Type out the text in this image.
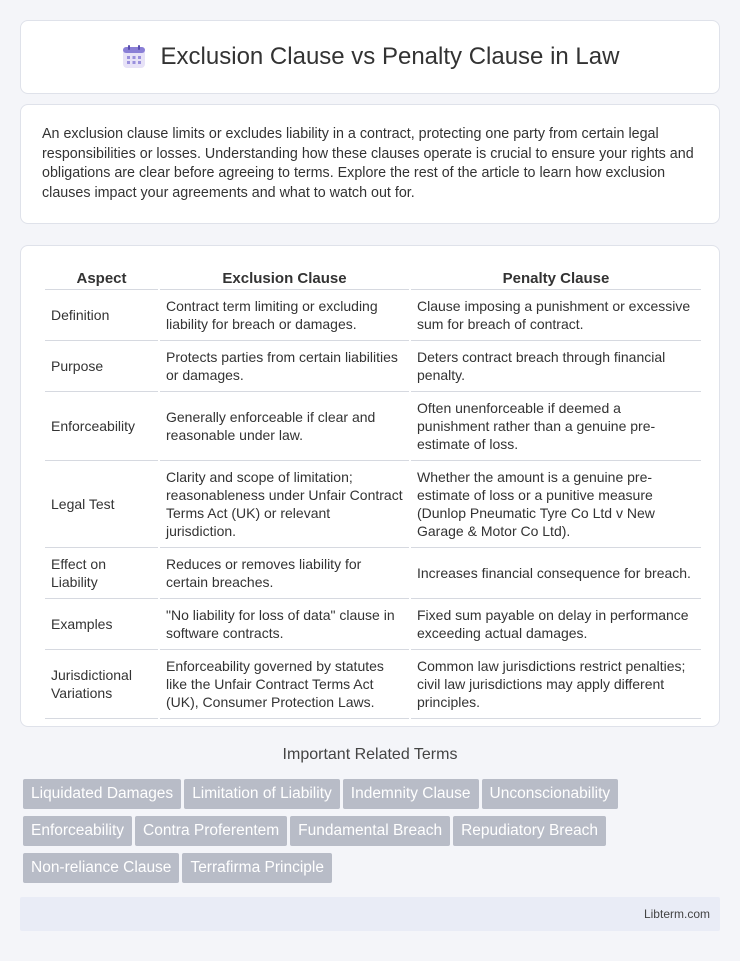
Exclusion Clause vs Penalty Clause in Law

An exclusion clause limits or excludes liability in a contract, protecting one party from certain legal responsibilities or losses. Understanding how these clauses operate is crucial to ensure your rights and obligations are clear before agreeing to terms. Explore the rest of the article to learn how exclusion clauses impact your agreements and what to watch out for.

Aspect	Exclusion Clause	Penalty Clause
Definition	Contract term limiting or excluding liability for breach or damages.	Clause imposing a punishment or excessive sum for breach of contract.
Purpose	Protects parties from certain liabilities or damages.	Deters contract breach through financial penalty.
Enforceability	Generally enforceable if clear and reasonable under law.	Often unenforceable if deemed a punishment rather than a genuine pre-estimate of loss.
Legal Test	Clarity and scope of limitation; reasonableness under Unfair Contract Terms Act (UK) or relevant jurisdiction.	Whether the amount is a genuine pre-estimate of loss or a punitive measure (Dunlop Pneumatic Tyre Co Ltd v New Garage & Motor Co Ltd).
Effect on Liability	Reduces or removes liability for certain breaches.	Increases financial consequence for breach.
Examples	"No liability for loss of data" clause in software contracts.	Fixed sum payable on delay in performance exceeding actual damages.
Jurisdictional Variations	Enforceability governed by statutes like the Unfair Contract Terms Act (UK), Consumer Protection Laws.	Common law jurisdictions restrict penalties; civil law jurisdictions may apply different principles.
Important Related Terms
Liquidated Damages Limitation of Liability Indemnity Clause Unconscionability
Enforceability Contra Proferentem Fundamental Breach Repudiatory Breach
Non-reliance Clause Terrafirma Principle
Libterm.com
